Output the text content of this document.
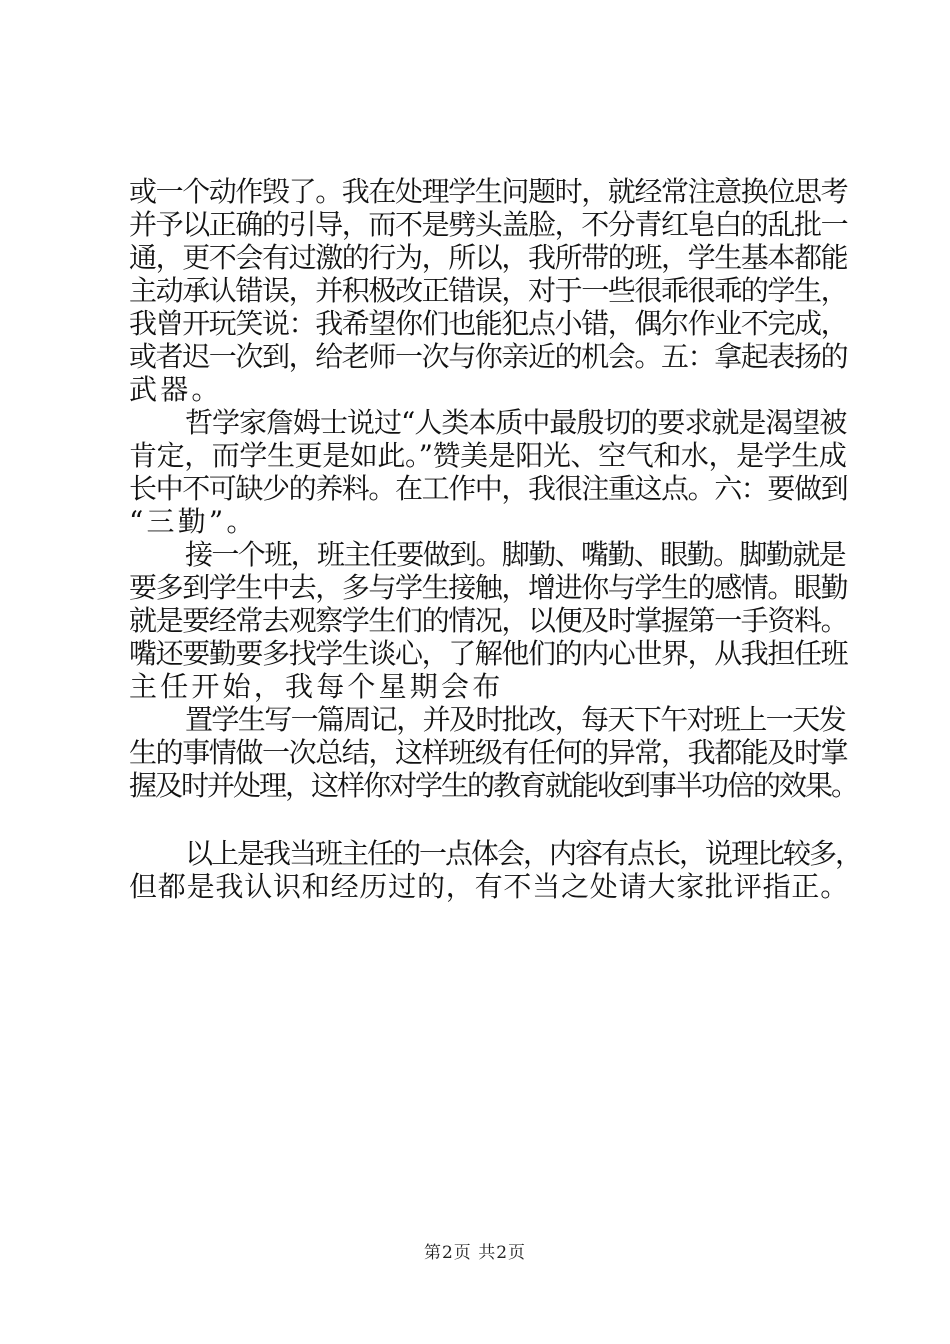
或一个动作毁了。我在处理学生问题时，就经常注意换位思考
并予以正确的引导，而不是劈头盖脸，不分青红皂白的乱批一
通，更不会有过激的行为，所以，我所带的班，学生基本都能
主动承认错误，并积极改正错误，对于一些很乖很乖的学生，
我曾开玩笑说：我希望你们也能犯点小错，偶尔作业不完成，
或者迟一次到，给老师一次与你亲近的机会。五：拿起表扬的
武器。
哲学家詹姆士说过“人类本质中最殷切的要求就是渴望被
肯定，而学生更是如此。”赞美是阳光、空气和水，是学生成
长中不可缺少的养料。在工作中，我很注重这点。六：要做到
“三勤”。
接一个班，班主任要做到。脚勤、嘴勤、眼勤。脚勤就是
要多到学生中去，多与学生接触，增进你与学生的感情。眼勤
就是要经常去观察学生们的情况，以便及时掌握第一手资料。
嘴还要勤要多找学生谈心，了解他们的内心世界，从我担任班
主任开始，我每个星期会布
置学生写一篇周记，并及时批改，每天下午对班上一天发
生的事情做一次总结，这样班级有任何的异常，我都能及时掌
握及时并处理，这样你对学生的教育就能收到事半功倍的效果。
以上是我当班主任的一点体会，内容有点长，说理比较多，
但都是我认识和经历过的，有不当之处请大家批评指正。
第2页 共2页
